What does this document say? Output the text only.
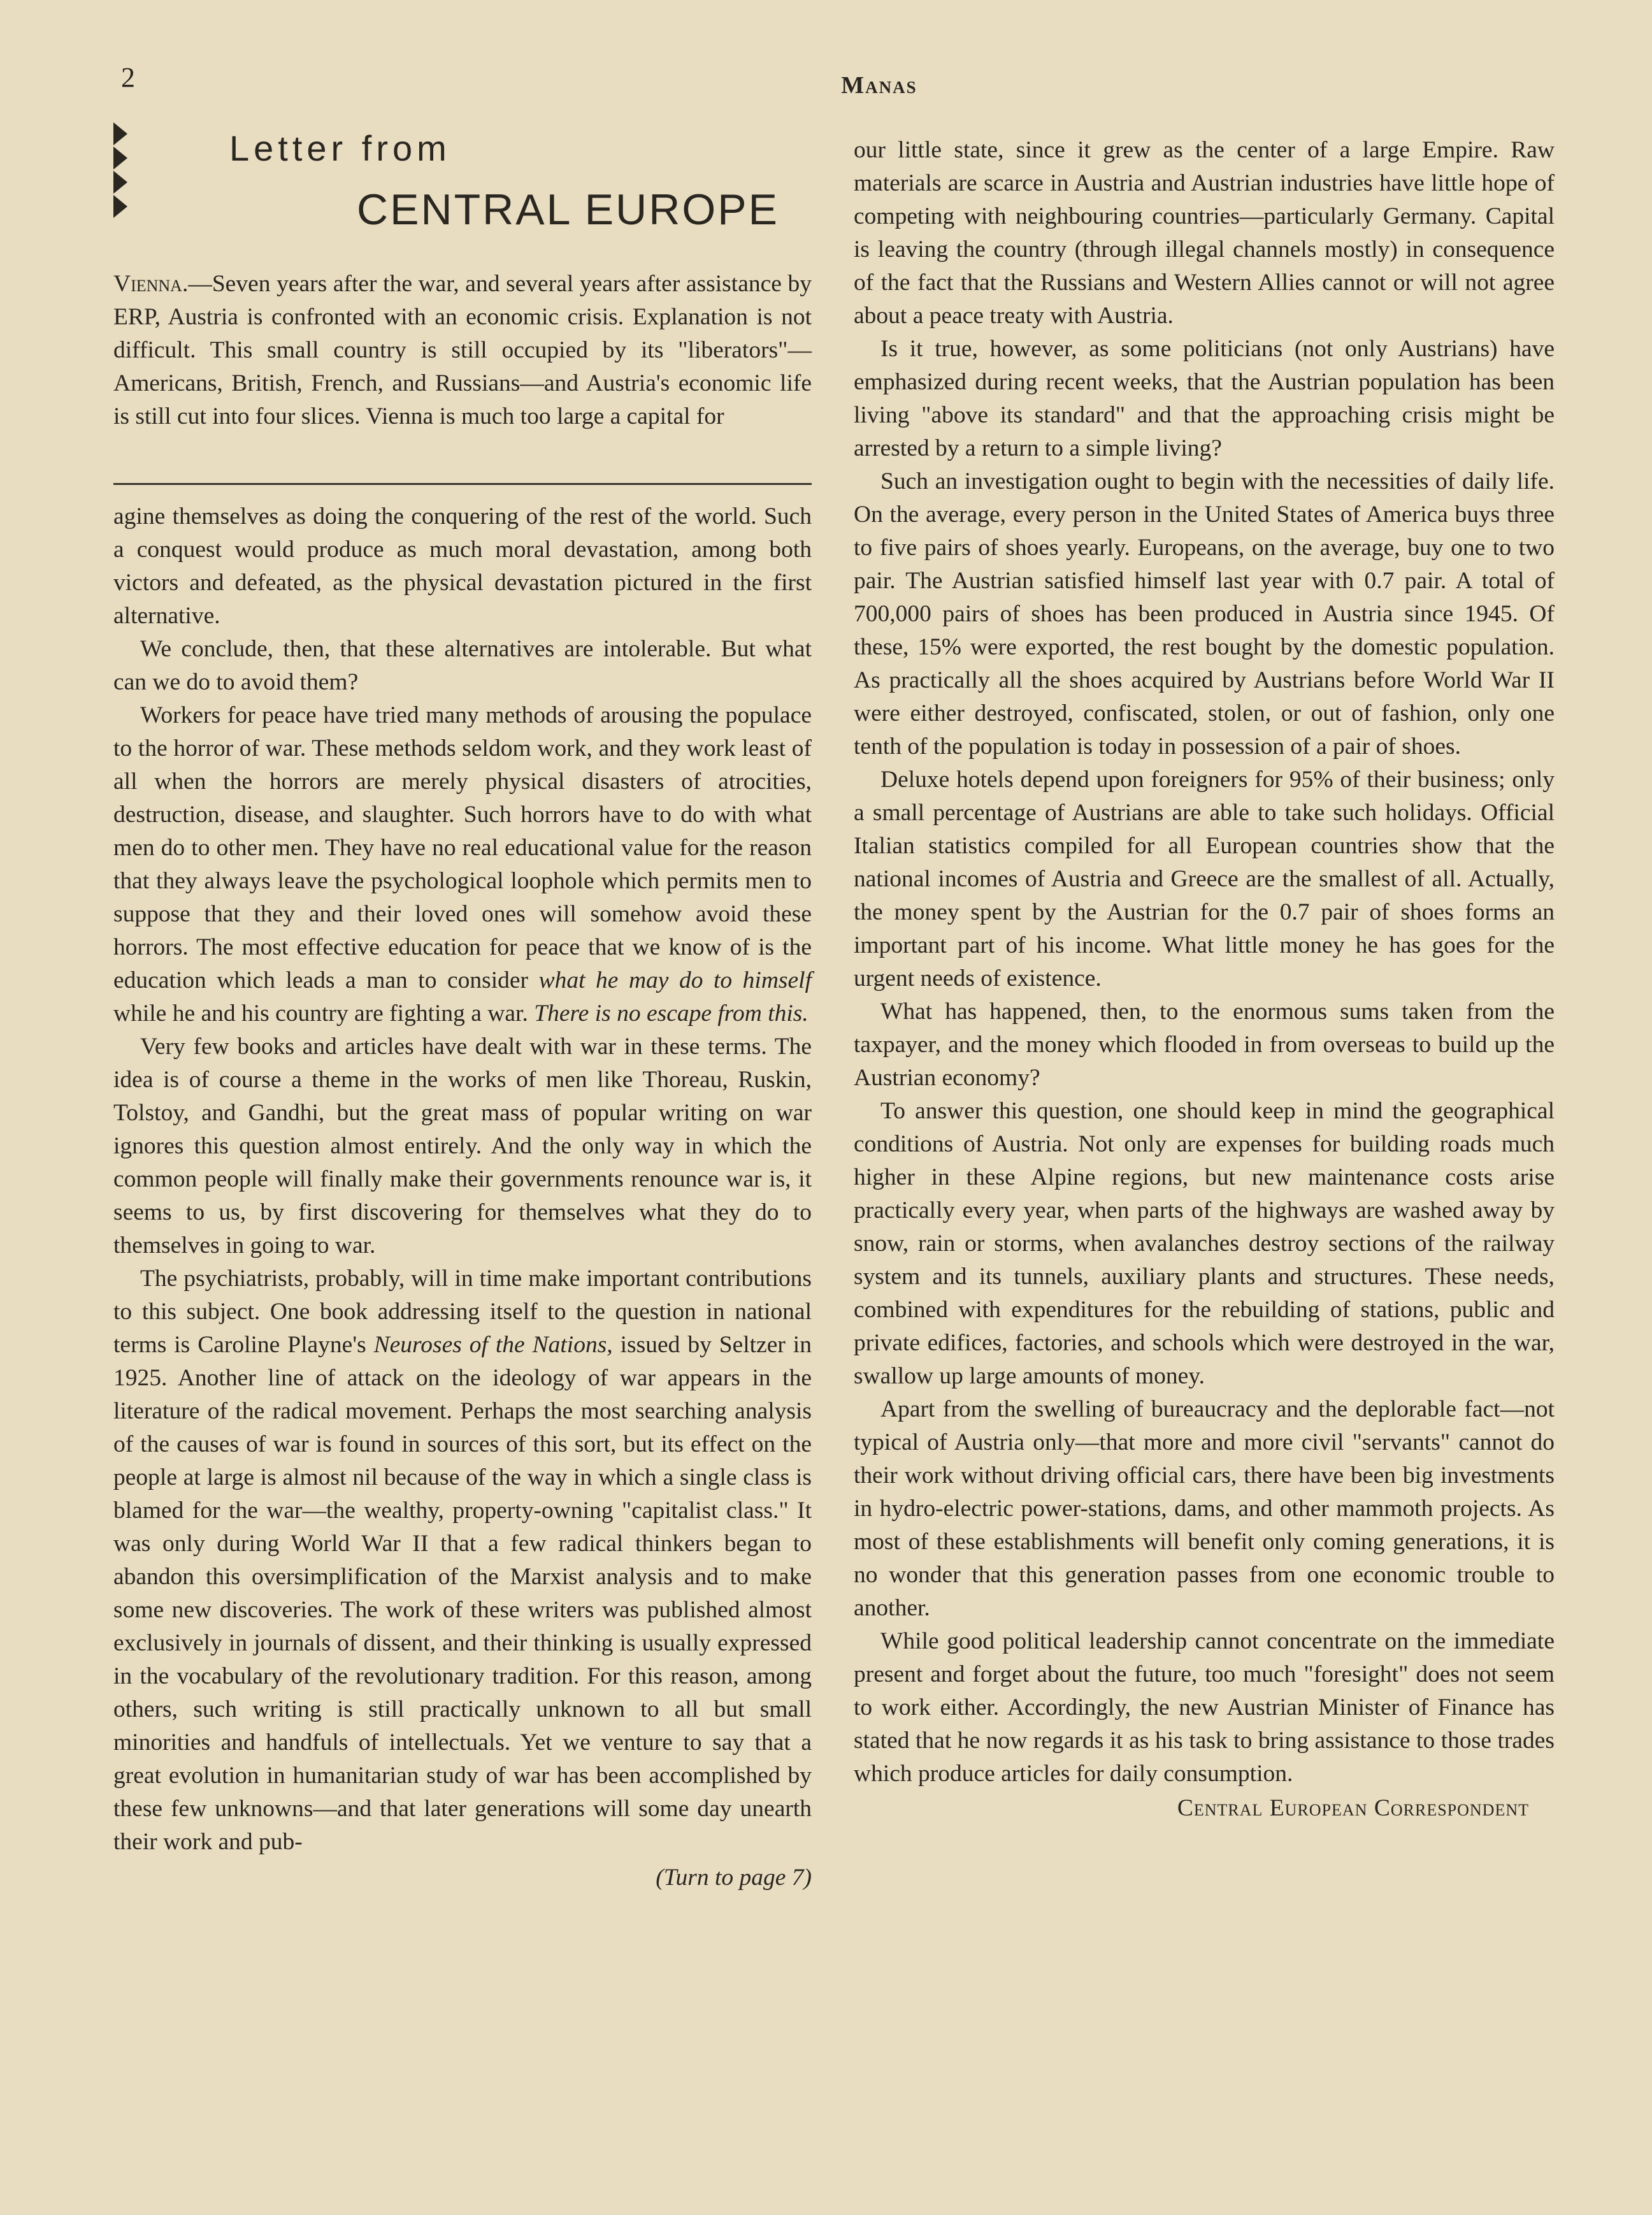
2	Manas
Letter from
CENTRAL EUROPE

Vienna.—Seven years after the war, and several years after assistance by ERP, Austria is confronted with an economic crisis. Explanation is not difficult. This small country is still occupied by its "liberators"—Americans, British, French, and Russians—and Austria's economic life is still cut into four slices. Vienna is much too large a capital for

agine themselves as doing the conquering of the rest of the world. Such a conquest would produce as much moral devastation, among both victors and defeated, as the physical devastation pictured in the first alternative.

We conclude, then, that these alternatives are intolerable. But what can we do to avoid them?

Workers for peace have tried many methods of arousing the populace to the horror of war. These methods seldom work, and they work least of all when the horrors are merely physical disasters of atrocities, destruction, disease, and slaughter. Such horrors have to do with what men do to other men. They have no real educational value for the reason that they always leave the psychological loophole which permits men to suppose that they and their loved ones will somehow avoid these horrors. The most effective education for peace that we know of is the education which leads a man to consider what he may do to himself while he and his country are fighting a war. There is no escape from this.

Very few books and articles have dealt with war in these terms. The idea is of course a theme in the works of men like Thoreau, Ruskin, Tolstoy, and Gandhi, but the great mass of popular writing on war ignores this question almost entirely. And the only way in which the common people will finally make their governments renounce war is, it seems to us, by first discovering for themselves what they do to themselves in going to war.

The psychiatrists, probably, will in time make important contributions to this subject. One book addressing itself to the question in national terms is Caroline Playne's Neuroses of the Nations, issued by Seltzer in 1925. Another line of attack on the ideology of war appears in the literature of the radical movement. Perhaps the most searching analysis of the causes of war is found in sources of this sort, but its effect on the people at large is almost nil because of the way in which a single class is blamed for the war—the wealthy, property-owning "capitalist class." It was only during World War II that a few radical thinkers began to abandon this oversimplification of the Marxist analysis and to make some new discoveries. The work of these writers was published almost exclusively in journals of dissent, and their thinking is usually expressed in the vocabulary of the revolutionary tradition. For this reason, among others, such writing is still practically unknown to all but small minorities and handfuls of intellectuals. Yet we venture to say that a great evolution in humanitarian study of war has been accomplished by these few unknowns—and that later generations will some day unearth their work and pub-

(Turn to page 7)

our little state, since it grew as the center of a large Empire. Raw materials are scarce in Austria and Austrian industries have little hope of competing with neighbouring countries—particularly Germany. Capital is leaving the country (through illegal channels mostly) in consequence of the fact that the Russians and Western Allies cannot or will not agree about a peace treaty with Austria.

Is it true, however, as some politicians (not only Austrians) have emphasized during recent weeks, that the Austrian population has been living "above its standard" and that the approaching crisis might be arrested by a return to a simple living?

Such an investigation ought to begin with the necessities of daily life. On the average, every person in the United States of America buys three to five pairs of shoes yearly. Europeans, on the average, buy one to two pair. The Austrian satisfied himself last year with 0.7 pair. A total of 700,000 pairs of shoes has been produced in Austria since 1945. Of these, 15% were exported, the rest bought by the domestic population. As practically all the shoes acquired by Austrians before World War II were either destroyed, confiscated, stolen, or out of fashion, only one tenth of the population is today in possession of a pair of shoes.

Deluxe hotels depend upon foreigners for 95% of their business; only a small percentage of Austrians are able to take such holidays. Official Italian statistics compiled for all European countries show that the national incomes of Austria and Greece are the smallest of all. Actually, the money spent by the Austrian for the 0.7 pair of shoes forms an important part of his income. What little money he has goes for the urgent needs of existence.

What has happened, then, to the enormous sums taken from the taxpayer, and the money which flooded in from overseas to build up the Austrian economy?

To answer this question, one should keep in mind the geographical conditions of Austria. Not only are expenses for building roads much higher in these Alpine regions, but new maintenance costs arise practically every year, when parts of the highways are washed away by snow, rain or storms, when avalanches destroy sections of the railway system and its tunnels, auxiliary plants and structures. These needs, combined with expenditures for the rebuilding of stations, public and private edifices, factories, and schools which were destroyed in the war, swallow up large amounts of money.

Apart from the swelling of bureaucracy and the deplorable fact—not typical of Austria only—that more and more civil "servants" cannot do their work without driving official cars, there have been big investments in hydro-electric power-stations, dams, and other mammoth projects. As most of these establishments will benefit only coming generations, it is no wonder that this generation passes from one economic trouble to another.

While good political leadership cannot concentrate on the immediate present and forget about the future, too much "foresight" does not seem to work either. Accordingly, the new Austrian Minister of Finance has stated that he now regards it as his task to bring assistance to those trades which produce articles for daily consumption.

Central European Correspondent
